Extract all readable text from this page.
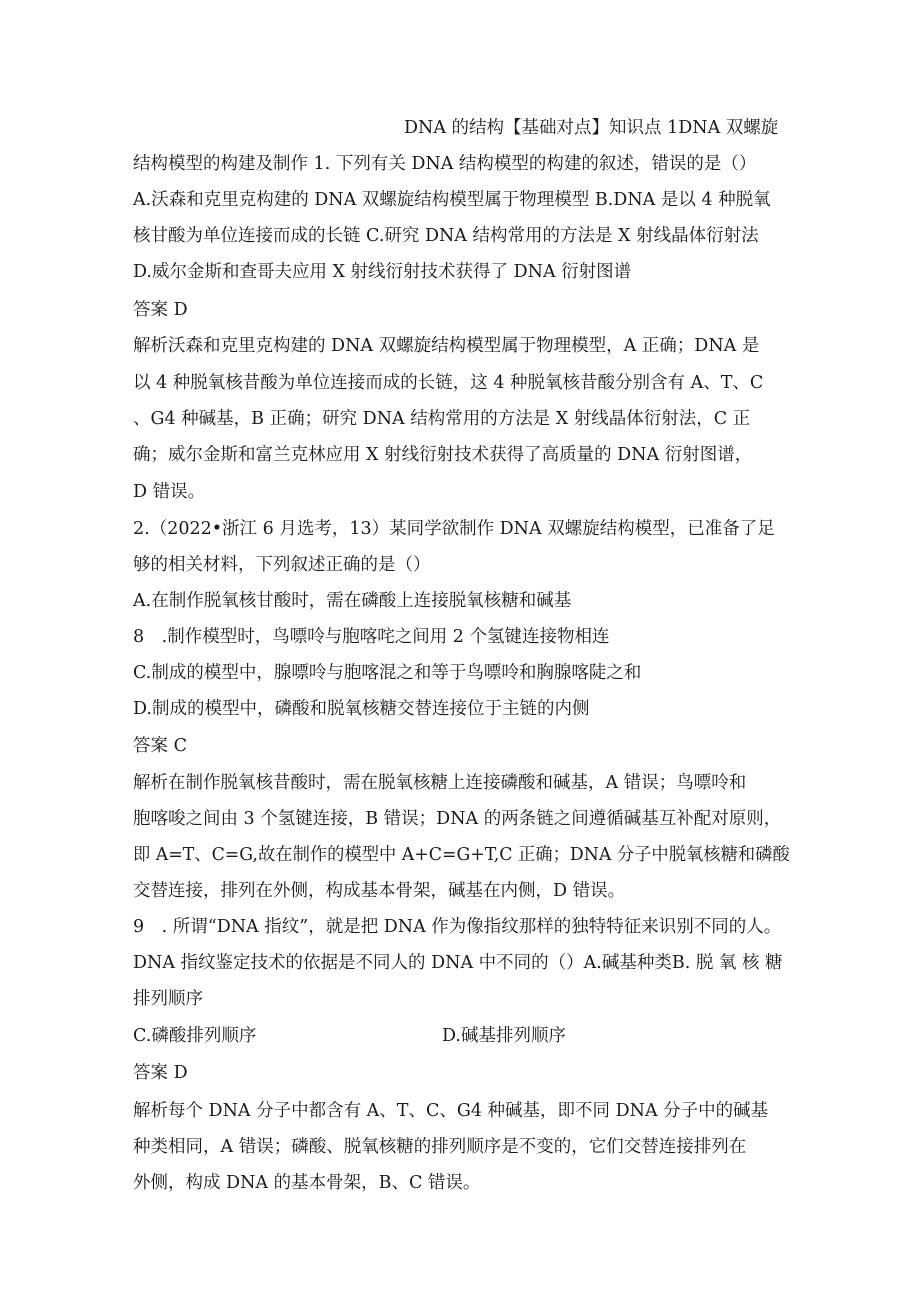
DNA 的结构【基础对点】知识点 1DNA 双螺旋
结构模型的构建及制作 1. 下列有关 DNA 结构模型的构建的叙述，错误的是（）
A.沃森和克里克构建的 DNA 双螺旋结构模型属于物理模型 B.DNA 是以 4 种脱氧
核甘酸为单位连接而成的长链 C.研究 DNA 结构常用的方法是 X 射线晶体衍射法
D.威尔金斯和查哥夫应用 X 射线衍射技术获得了 DNA 衍射图谱
答案 D
解析沃森和克里克构建的 DNA 双螺旋结构模型属于物理模型，A 正确；DNA 是
以 4 种脱氧核昔酸为单位连接而成的长链，这 4 种脱氧核昔酸分别含有 A、T、C
、G4 种碱基，B 正确；研究 DNA 结构常用的方法是 X 射线晶体衍射法，C 正
确；威尔金斯和富兰克林应用 X 射线衍射技术获得了高质量的 DNA 衍射图谱，
D 错误。
2.（2022•浙江 6 月选考，13）某同学欲制作 DNA 双螺旋结构模型，已准备了足
够的相关材料，下列叙述正确的是（）
A.在制作脱氧核甘酸时，需在磷酸上连接脱氧核糖和碱基
8　.制作模型时，鸟嘌呤与胞喀咤之间用 2 个氢键连接物相连
C.制成的模型中，腺嘌呤与胞喀混之和等于鸟嘌呤和胸腺喀陡之和
D.制成的模型中，磷酸和脱氧核糖交替连接位于主链的内侧
答案 C
解析在制作脱氧核昔酸时，需在脱氧核糖上连接磷酸和碱基，A 错误；鸟嘌呤和
胞喀唆之间由 3 个氢键连接，B 错误；DNA 的两条链之间遵循碱基互补配对原则，
即 A=T、C=G,故在制作的模型中 A+C=G+T,C 正确；DNA 分子中脱氧核糖和磷酸
交替连接，排列在外侧，构成基本骨架，碱基在内侧，D 错误。
9　. 所谓“DNA 指纹”，就是把 DNA 作为像指纹那样的独特特征来识别不同的人。
DNA 指纹鉴定技术的依据是不同人的 DNA 中不同的（）A.碱基种类B. 脱 氧 核 糖
排列顺序
C.磷酸排列顺序	D.碱基排列顺序
答案 D
解析每个 DNA 分子中都含有 A、T、C、G4 种碱基，即不同 DNA 分子中的碱基
种类相同，A 错误；磷酸、脱氧核糖的排列顺序是不变的，它们交替连接排列在
外侧，构成 DNA 的基本骨架，B、C 错误。
